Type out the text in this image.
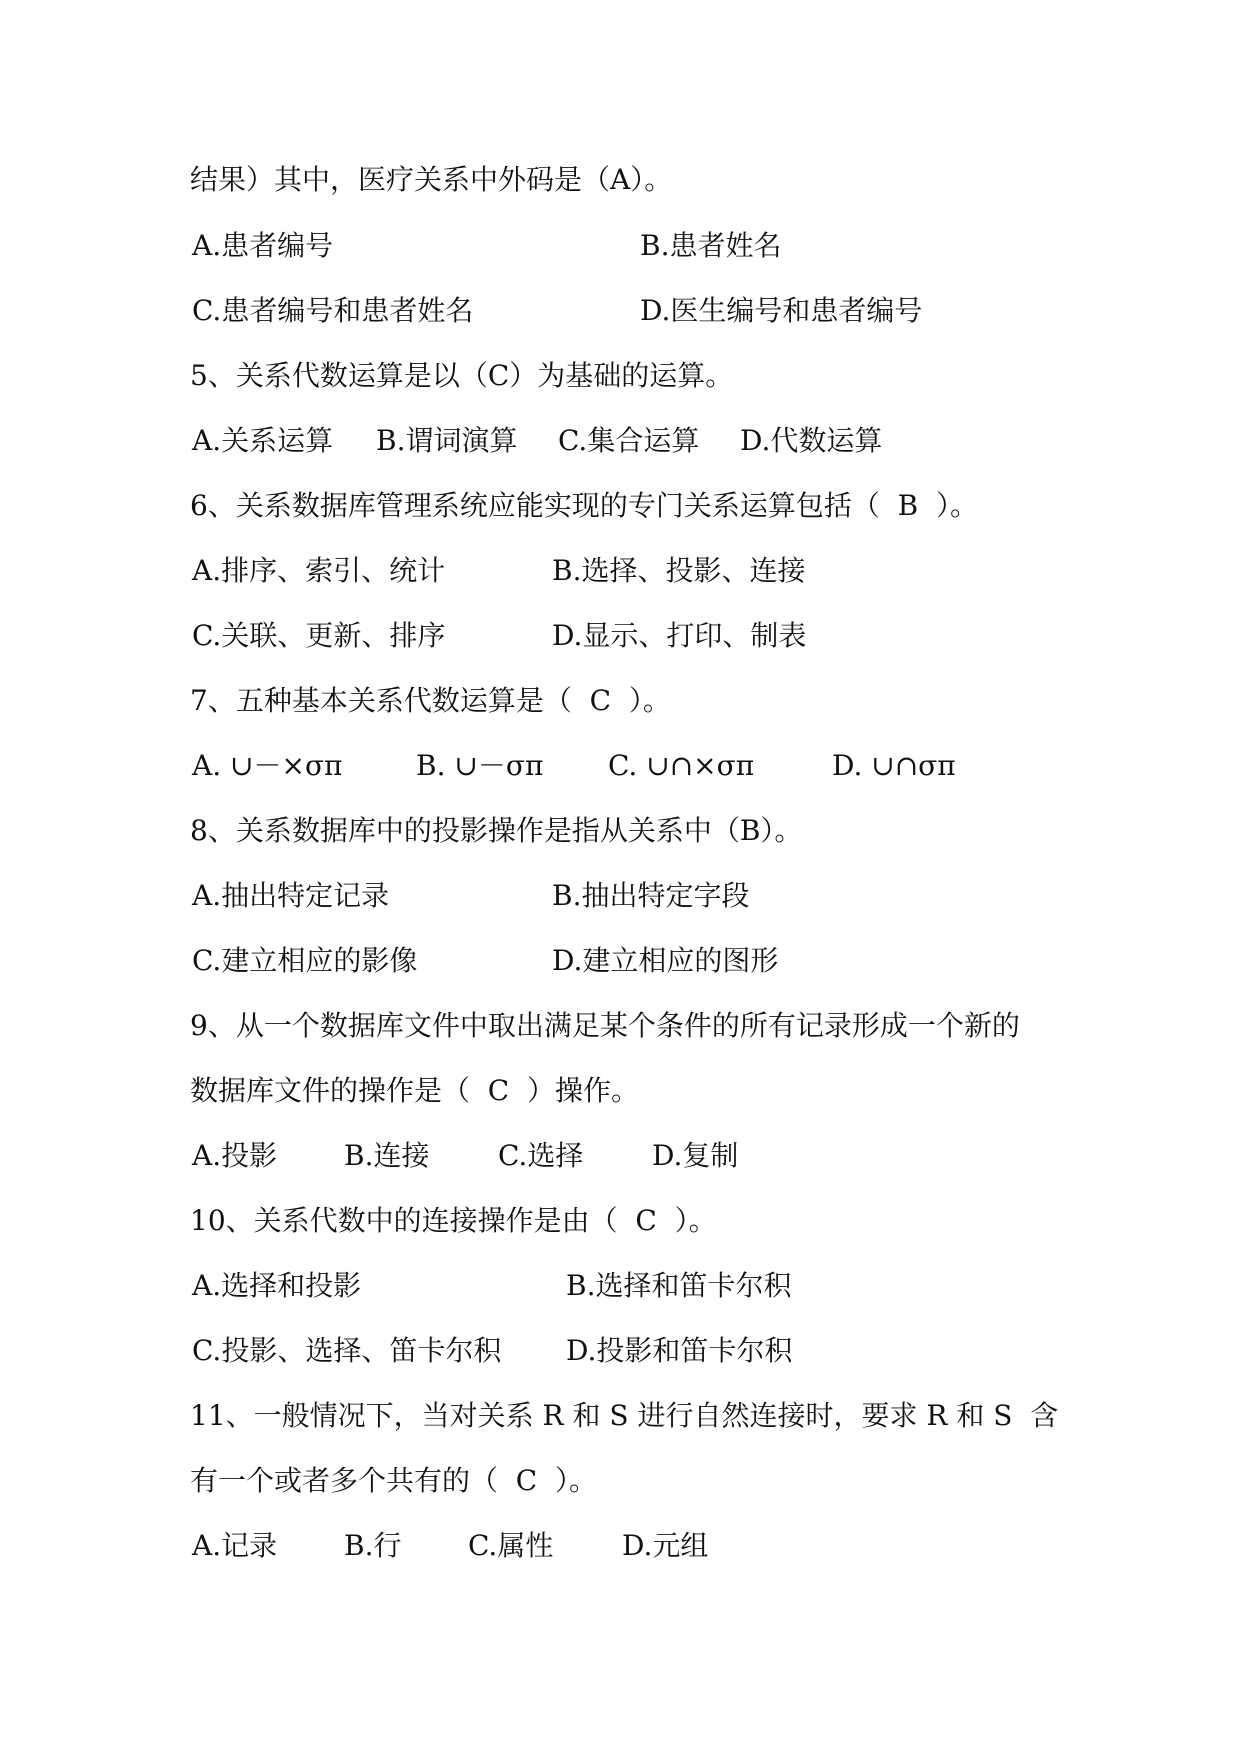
结果）其中，医疗关系中外码是（A）。
A.患者编号	B.患者姓名
C.患者编号和患者姓名	D.医生编号和患者编号
5、关系代数运算是以（C）为基础的运算。
A.关系运算 B.谓词演算 C.集合运算 D.代数运算
6、关系数据库管理系统应能实现的专门关系运算包括（  B  ）。
A.排序、索引、统计	B.选择、投影、连接
C.关联、更新、排序	D.显示、打印、制表
7、五种基本关系代数运算是（  C  ）。
A. ∪－×σπ	B. ∪－σπ C. ∪∩×σπ	D. ∪∩σπ
8、关系数据库中的投影操作是指从关系中（B）。
A.抽出特定记录	B.抽出特定字段
C.建立相应的影像	D.建立相应的图形
9、从一个数据库文件中取出满足某个条件的所有记录形成一个新的
数据库文件的操作是（  C  ）操作。
A.投影 B.连接 C.选择 D.复制
10、关系代数中的连接操作是由（  C  ）。
A.选择和投影	B.选择和笛卡尔积
C.投影、选择、笛卡尔积 D.投影和笛卡尔积
11、一般情况下，当对关系 R 和 S 进行自然连接时，要求 R 和 S  含
有一个或者多个共有的（  C  ）。
A.记录 B.行 C.属性 D.元组
